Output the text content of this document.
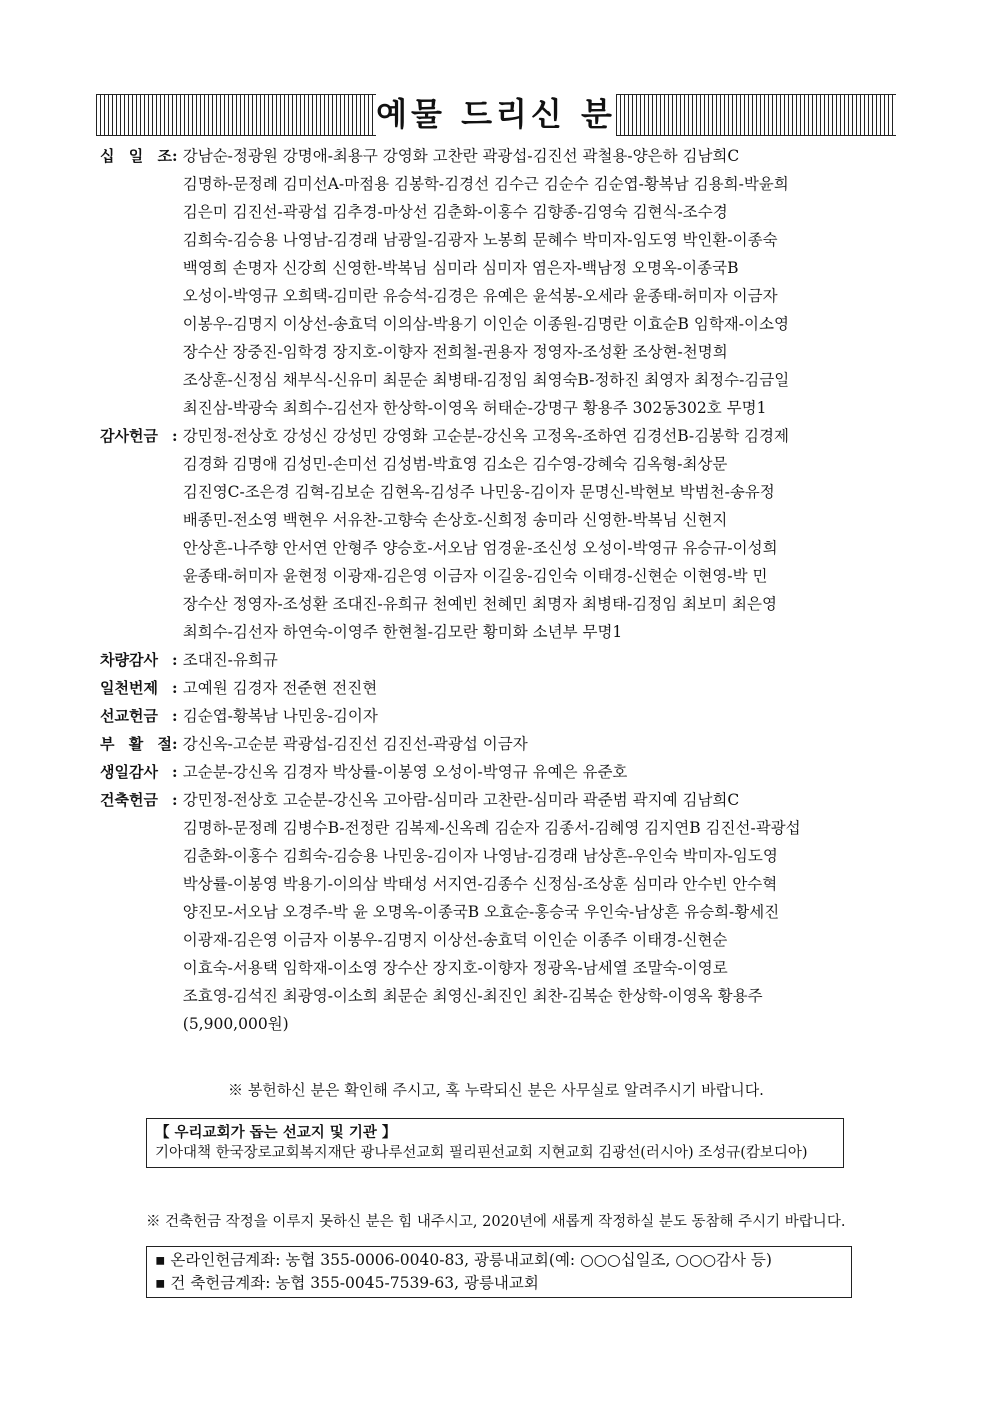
예물 드리신 분
십 일 조 : 강남순-정광원 강명애-최용구 강영화 고찬란 곽광섭-김진선 곽철용-양은하 김남희C
김명하-문정례 김미선A-마점용 김봉학-김경선 김수근 김순수 김순엽-황복남 김용희-박윤희
김은미 김진선-곽광섭 김추경-마상선 김춘화-이홍수 김향종-김영숙 김현식-조수경
김희숙-김승용 나영남-김경래 남광일-김광자 노봉희 문혜수 박미자-임도영 박인환-이종숙
백영희 손명자 신강희 신영한-박복님 심미라 심미자 염은자-백남정 오명옥-이종국B
오성이-박영규 오희택-김미란 유승석-김경은 유예은 윤석봉-오세라 윤종태-허미자 이금자
이봉우-김명지 이상선-송효덕 이의삼-박용기 이인순 이종원-김명란 이효순B 임학재-이소영
장수산 장중진-임학경 장지호-이향자 전희철-권용자 정영자-조성환 조상현-천명희
조상훈-신정심 채부식-신유미 최문순 최병태-김정임 최영숙B-정하진 최영자 최정수-김금일
최진삼-박광숙 최희수-김선자 한상학-이영옥 허태순-강명구 황용주 302동302호 무명1
감사헌금 : 강민정-전상호 강성신 강성민 강영화 고순분-강신옥 고정옥-조하연 김경선B-김봉학 김경제
김경화 김명애 김성민-손미선 김성범-박효영 김소은 김수영-강혜숙 김옥형-최상문
김진영C-조은경 김혁-김보순 김현옥-김성주 나민웅-김이자 문명신-박현보 박범천-송유정
배종민-전소영 백현우 서유찬-고향숙 손상호-신희정 송미라 신영한-박복님 신현지
안상흔-나주향 안서연 안형주 양승호-서오남 엄경윤-조신성 오성이-박영규 유승규-이성희
윤종태-허미자 윤현정 이광재-김은영 이금자 이길웅-김인숙 이태경-신현순 이현영-박 민
장수산 정영자-조성환 조대진-유희규 천예빈 천혜민 최명자 최병태-김정임 최보미 최은영
최희수-김선자 하연숙-이영주 한현철-김모란 황미화 소년부 무명1
차량감사 : 조대진-유희규
일천번제 : 고예원 김경자 전준현 전진현
선교헌금 : 김순엽-황복남 나민웅-김이자
부 활 절 : 강신옥-고순분 곽광섭-김진선 김진선-곽광섭 이금자
생일감사 : 고순분-강신옥 김경자 박상률-이봉영 오성이-박영규 유예은 유준호
건축헌금 : 강민정-전상호 고순분-강신옥 고아람-심미라 고찬란-심미라 곽준범 곽지예 김남희C
김명하-문정례 김병수B-전정란 김복제-신옥례 김순자 김종서-김혜영 김지연B 김진선-곽광섭
김춘화-이홍수 김희숙-김승용 나민웅-김이자 나영남-김경래 남상흔-우인숙 박미자-임도영
박상률-이봉영 박용기-이의삼 박태성 서지연-김종수 신정심-조상훈 심미라 안수빈 안수혁
양진모-서오남 오경주-박 윤 오명옥-이종국B 오효순-홍승국 우인숙-남상흔 유승희-황세진
이광재-김은영 이금자 이봉우-김명지 이상선-송효덕 이인순 이종주 이태경-신현순
이효숙-서용택 임학재-이소영 장수산 장지호-이향자 정광옥-남세열 조말숙-이영로
조효영-김석진 최광영-이소희 최문순 최영신-최진인 최찬-김복순 한상학-이영옥 황용주
(5,900,000원)
※ 봉헌하신 분은 확인해 주시고, 혹 누락되신 분은 사무실로 알려주시기 바랍니다.
【 우리교회가 돕는 선교지 및 기관 】
기아대책 한국장로교회복지재단 광나루선교회 필리핀선교회 지현교회 김광선(러시아) 조성규(캄보디아)
※ 건축헌금 작정을 이루지 못하신 분은 힘 내주시고, 2020년에 새롭게 작정하실 분도 동참해 주시기 바랍니다.
▪ 온라인헌금계좌: 농협 355-0006-0040-83, 광릉내교회(예: ○○○십일조, ○○○감사 등)
▪ 건 축헌금계좌: 농협 355-0045-7539-63, 광릉내교회
